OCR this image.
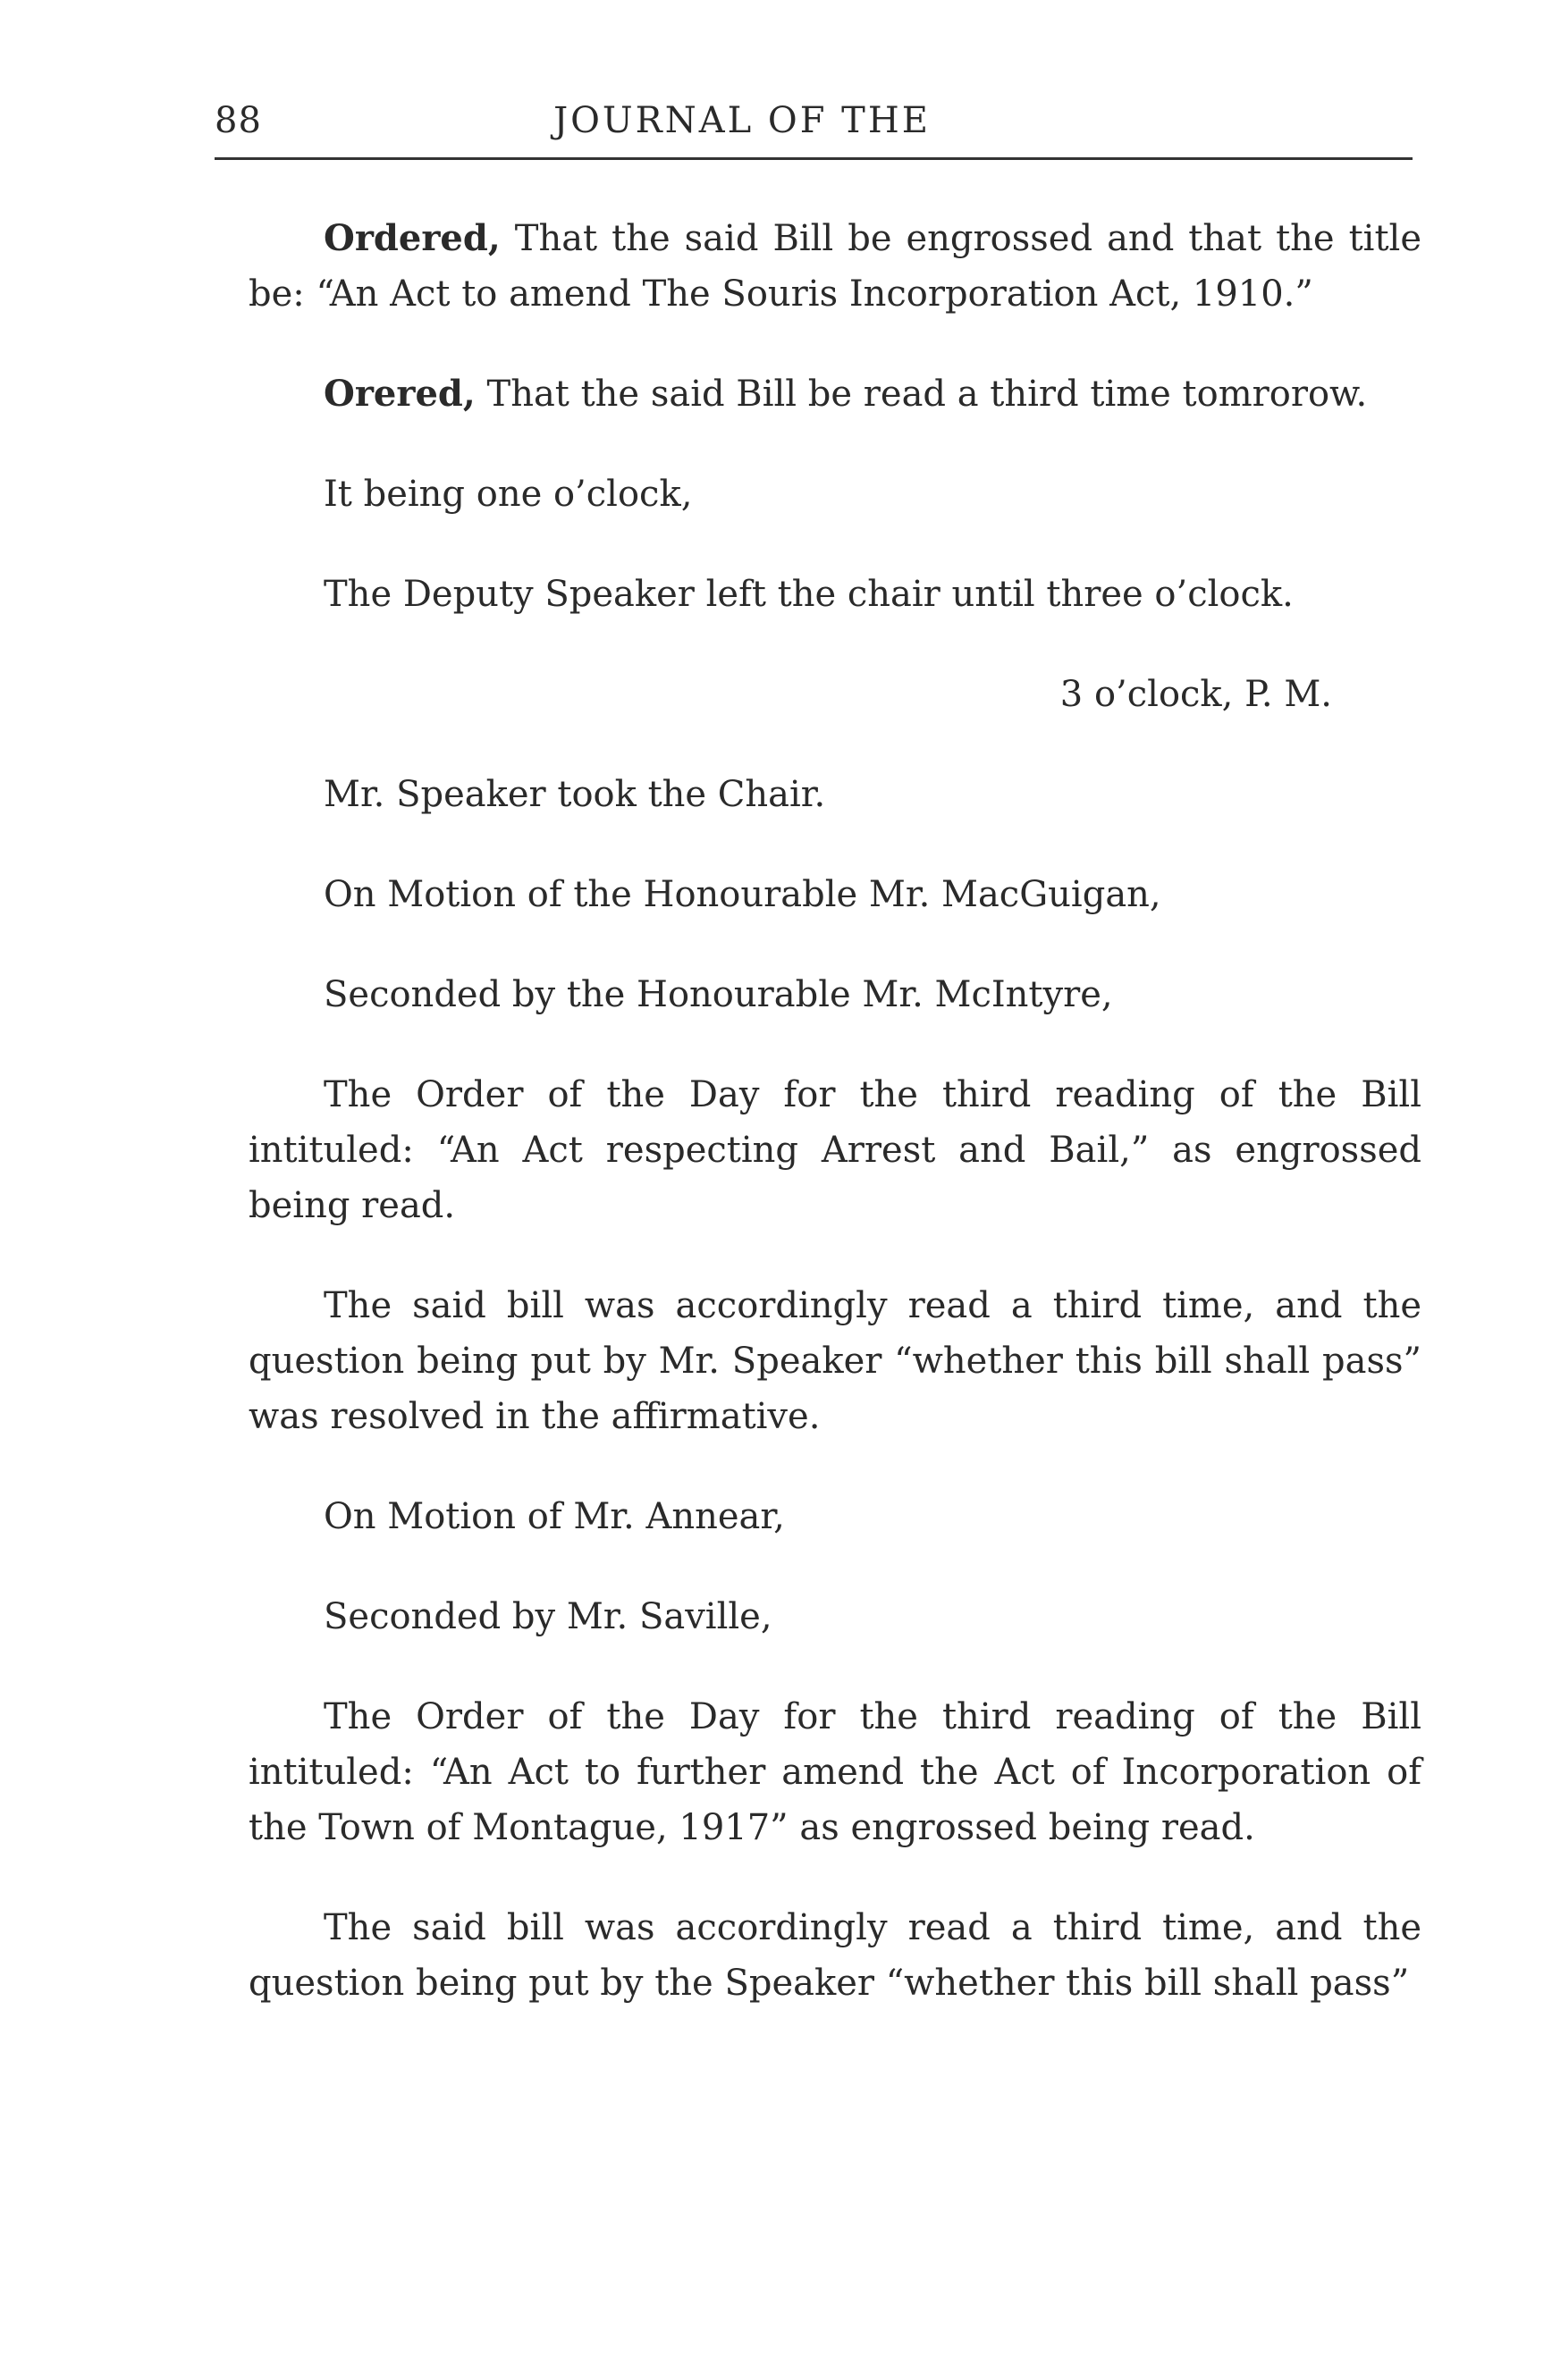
88	JOURNAL OF THE

Ordered, That the said Bill be engrossed and that the title be: “An Act to amend The Souris Incorporation Act, 1910.”

Orered, That the said Bill be read a third time tomrorow.

It being one o’clock,

The Deputy Speaker left the chair until three o’clock.

3 o’clock, P. M.

Mr. Speaker took the Chair.

On Motion of the Honourable Mr. MacGuigan,

Seconded by the Honourable Mr. McIntyre,

The Order of the Day for the third reading of the Bill intituled: “An Act respecting Arrest and Bail,” as engrossed being read.

The said bill was accordingly read a third time, and the question being put by Mr. Speaker “whether this bill shall pass” was resolved in the affirmative.

On Motion of Mr. Annear,

Seconded by Mr. Saville,

The Order of the Day for the third reading of the Bill intituled: “An Act to further amend the Act of Incorporation of the Town of Montague, 1917” as engrossed being read.

The said bill was accordingly read a third time, and the question being put by the Speaker “whether this bill shall pass”
